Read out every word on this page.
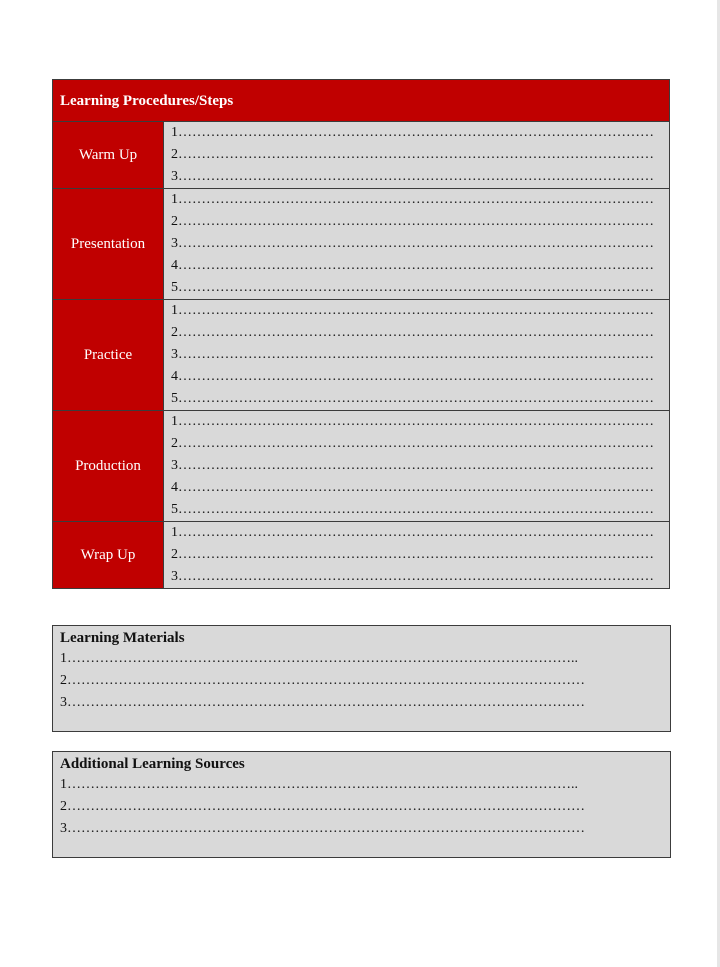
Learning Procedures/Steps
Warm Up
1…………………………………………………………………………………………
2…………………………………………………………………………………………
3…………………………………………………………………………………………
Presentation
1…………………………………………………………………………………………
2…………………………………………………………………………………………
3…………………………………………………………………………………………
4…………………………………………………………………………………………
5…………………………………………………………………………………………
Practice
1…………………………………………………………………………………………
2…………………………………………………………………………………………
3…………………………………………………………………………………………
4…………………………………………………………………………………………
5…………………………………………………………………………………………
Production
1…………………………………………………………………………………………
2…………………………………………………………………………………………
3…………………………………………………………………………………………
4…………………………………………………………………………………………
5…………………………………………………………………………………………
Wrap Up
1…………………………………………………………………………………………
2…………………………………………………………………………………………
3…………………………………………………………………………………………
Learning Materials
1………………………………………………………………………………………………..
2…………………………………………………………………………………………………
3…………………………………………………………………………………………………
Additional Learning Sources
1………………………………………………………………………………………………..
2…………………………………………………………………………………………………
3…………………………………………………………………………………………………
